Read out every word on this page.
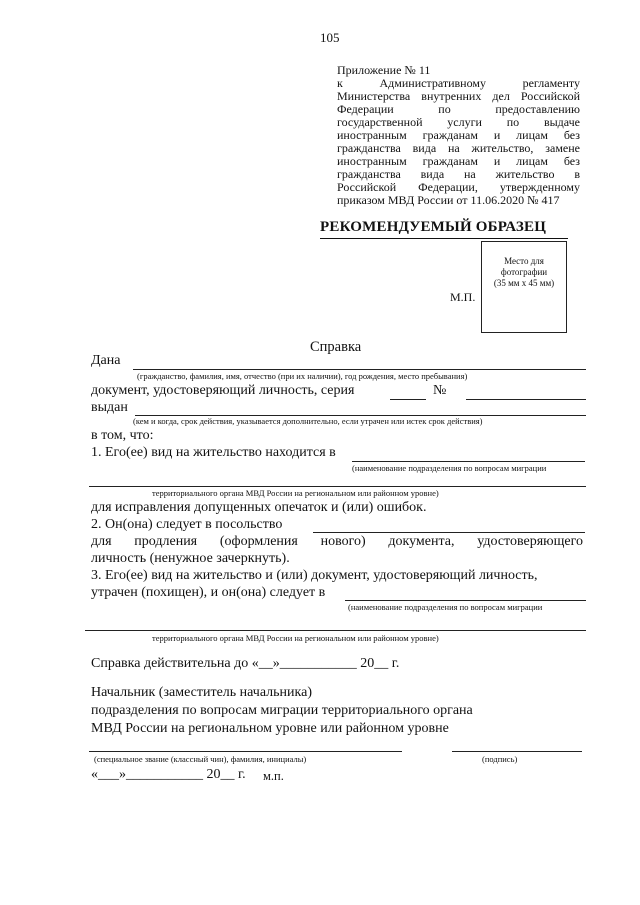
105
Приложение № 11
к Административному регламенту
Министерства внутренних дел Российской
Федерации по предоставлению
государственной услуги по выдаче
иностранным гражданам и лицам без
гражданства вида на жительство, замене
иностранным гражданам и лицам без
гражданства вида на жительство в
Российской Федерации, утвержденному
приказом МВД России от 11.06.2020 № 417
РЕКОМЕНДУЕМЫЙ ОБРАЗЕЦ
Место для
фотографии
(35 мм х 45 мм)
М.П.
Справка
Дана
(гражданство, фамилия, имя, отчество (при их наличии), год рождения, место пребывания)
документ, удостоверяющий личность, серия	№
выдан
(кем и когда, срок действия, указывается дополнительно, если утрачен или истек срок действия)
в том, что:
1. Его(ее) вид на жительство находится в
(наименование подразделения по вопросам миграции
территориального органа МВД России на региональном или районном уровне)
для исправления допущенных опечаток и (или) ошибок.
2. Он(она) следует в посольство
для продления (оформления нового) документа, удостоверяющего
личность (ненужное зачеркнуть).
3. Его(ее) вид на жительство и (или) документ, удостоверяющий личность,
утрачен (похищен), и он(она) следует в
(наименование подразделения по вопросам миграции
территориального органа МВД России на региональном или районном уровне)
Справка действительна до «__»___________ 20__ г.
Начальник (заместитель начальника)
подразделения по вопросам миграции территориального органа
МВД России на региональном уровне или районном уровне
(специальное звание (классный чин), фамилия, инициалы)	(подпись)
«___»___________ 20__ г. м.п.
